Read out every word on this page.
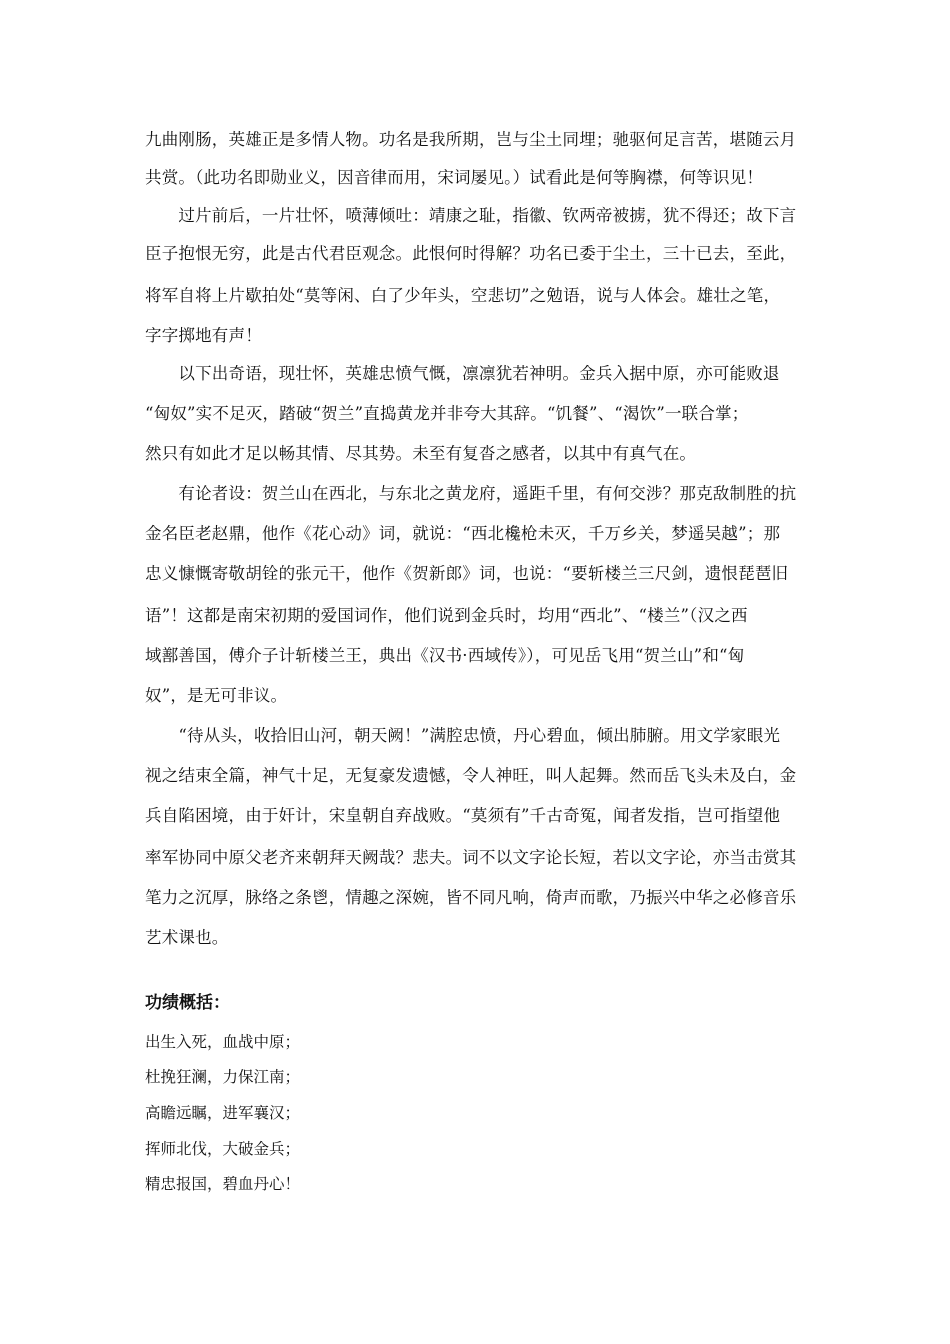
九曲刚肠，英雄正是多情人物。功名是我所期，岂与尘土同埋；驰驱何足言苦，堪随云月
共赏。（此功名即勋业义，因音律而用，宋词屡见。）试看此是何等胸襟，何等识见！
　　过片前后，一片壮怀，喷薄倾吐：靖康之耻，指徽、钦两帝被掳，犹不得还；故下言
臣子抱恨无穷，此是古代君臣观念。此恨何时得解？功名已委于尘土，三十已去，至此，
将军自将上片歇拍处“莫等闲、白了少年头，空悲切”之勉语，说与人体会。雄壮之笔，
字字掷地有声！
　　以下出奇语，现壮怀，英雄忠愤气慨，凛凛犹若神明。金兵入据中原，亦可能败退
“匈奴”实不足灭，踏破“贺兰”直捣黄龙并非夸大其辞。“饥餐”、“渴饮”一联合掌；
然只有如此才足以畅其情、尽其势。未至有复沓之感者，以其中有真气在。
　　有论者设：贺兰山在西北，与东北之黄龙府，遥距千里，有何交涉？那克敌制胜的抗
金名臣老赵鼎，他作《花心动》词，就说：“西北欃枪未灭，千万乡关，梦遥吴越”；那
忠义慷慨寄敬胡铨的张元干，他作《贺新郎》词，也说：“要斩楼兰三尺剑，遗恨琵琶旧
语”！这都是南宋初期的爱国词作，他们说到金兵时，均用“西北”、“楼兰”（汉之西
域鄯善国，傅介子计斩楼兰王，典出《汉书·西域传》），可见岳飞用“贺兰山”和“匈
奴”，是无可非议。
　　“待从头，收拾旧山河，朝天阙！”满腔忠愤，丹心碧血，倾出肺腑。用文学家眼光
视之结束全篇，神气十足，无复豪发遗憾，令人神旺，叫人起舞。然而岳飞头未及白，金
兵自陷困境，由于奸计，宋皇朝自弃战败。“莫须有”千古奇冤，闻者发指，岂可指望他
率军协同中原父老齐来朝拜天阙哉？悲夫。词不以文字论长短，若以文字论，亦当击赏其
笔力之沉厚，脉络之条鬯，情趣之深婉，皆不同凡响，倚声而歌，乃振兴中华之必修音乐
艺术课也。
功绩概括：
出生入死，血战中原；
杜挽狂澜，力保江南；
高瞻远瞩，进军襄汉；
挥师北伐，大破金兵；
精忠报国，碧血丹心！
